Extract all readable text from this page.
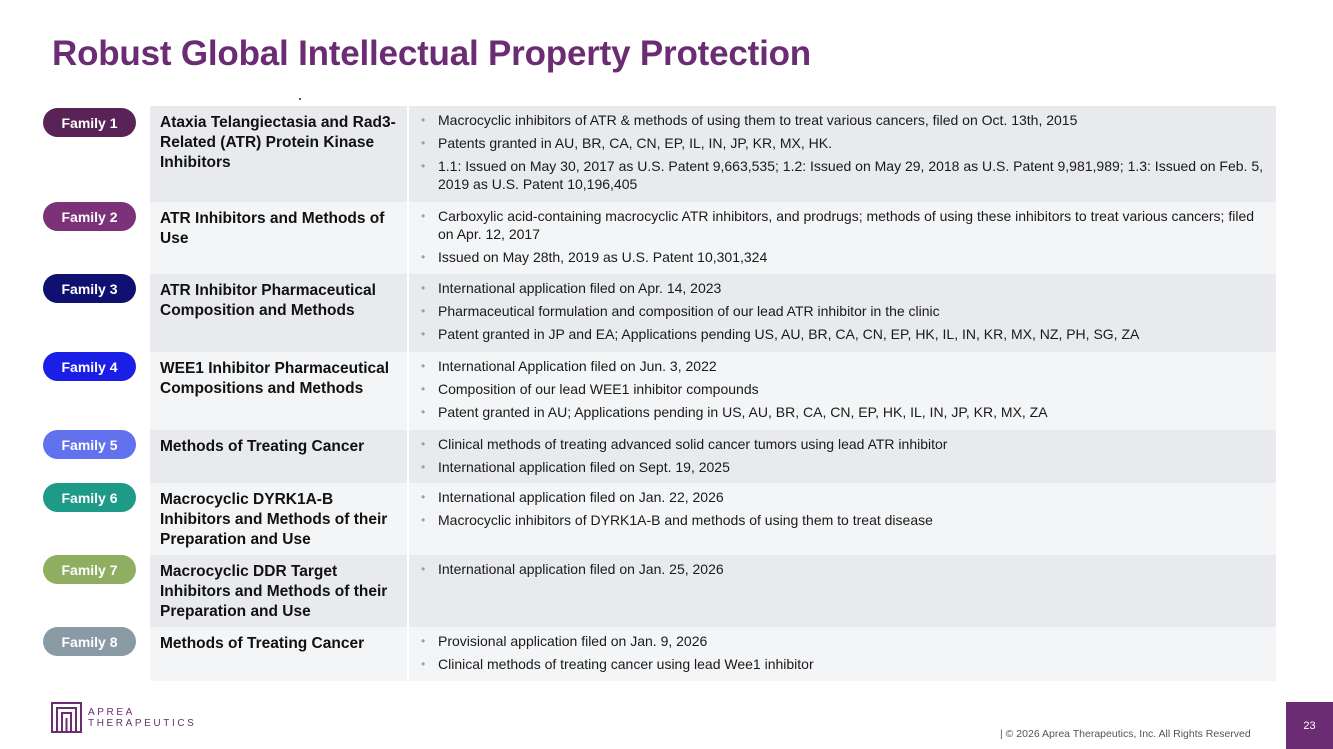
Robust Global Intellectual Property Protection
Family 1	Ataxia Telangiectasia and Rad3-Related (ATR) Protein Kinase Inhibitors
• Macrocyclic inhibitors of ATR & methods of using them to treat various cancers, filed on Oct. 13th, 2015
• Patents granted in AU, BR, CA, CN, EP, IL, IN, JP, KR, MX, HK.
• 1.1: Issued on May 30, 2017 as U.S. Patent 9,663,535; 1.2: Issued on May 29, 2018 as U.S. Patent 9,981,989; 1.3: Issued on Feb. 5, 2019 as U.S. Patent 10,196,405
Family 2	ATR Inhibitors and Methods of Use
• Carboxylic acid-containing macrocyclic ATR inhibitors, and prodrugs; methods of using these inhibitors to treat various cancers; filed on Apr. 12, 2017
• Issued on May 28th, 2019 as U.S. Patent 10,301,324
Family 3	ATR Inhibitor Pharmaceutical Composition and Methods
• International application filed on Apr. 14, 2023
• Pharmaceutical formulation and composition of our lead ATR inhibitor in the clinic
• Patent granted in JP and EA; Applications pending US, AU, BR, CA, CN, EP, HK, IL, IN, KR, MX, NZ, PH, SG, ZA
Family 4	WEE1 Inhibitor Pharmaceutical Compositions and Methods
• International Application filed on Jun. 3, 2022
• Composition of our lead WEE1 inhibitor compounds
• Patent granted in AU; Applications pending in US, AU, BR, CA, CN, EP, HK, IL, IN, JP, KR, MX, ZA
Family 5	Methods of Treating Cancer	• Clinical methods of treating advanced solid cancer tumors using lead ATR inhibitor
• International application filed on Sept. 19, 2025
Family 6	Macrocyclic DYRK1A-B Inhibitors and Methods of their Preparation and Use
• International application filed on Jan. 22, 2026
• Macrocyclic inhibitors of DYRK1A-B and methods of using them to treat disease
Family 7	Macrocyclic DDR Target Inhibitors and Methods of their Preparation and Use
• International application filed on Jan. 25, 2026
Family 8	Methods of Treating Cancer	• Provisional application filed on Jan. 9, 2026
• Clinical methods of treating cancer using lead Wee1 inhibitor
APREA
THERAPEUTICS
| © 2026 Aprea Therapeutics, Inc. All Rights Reserved
23
